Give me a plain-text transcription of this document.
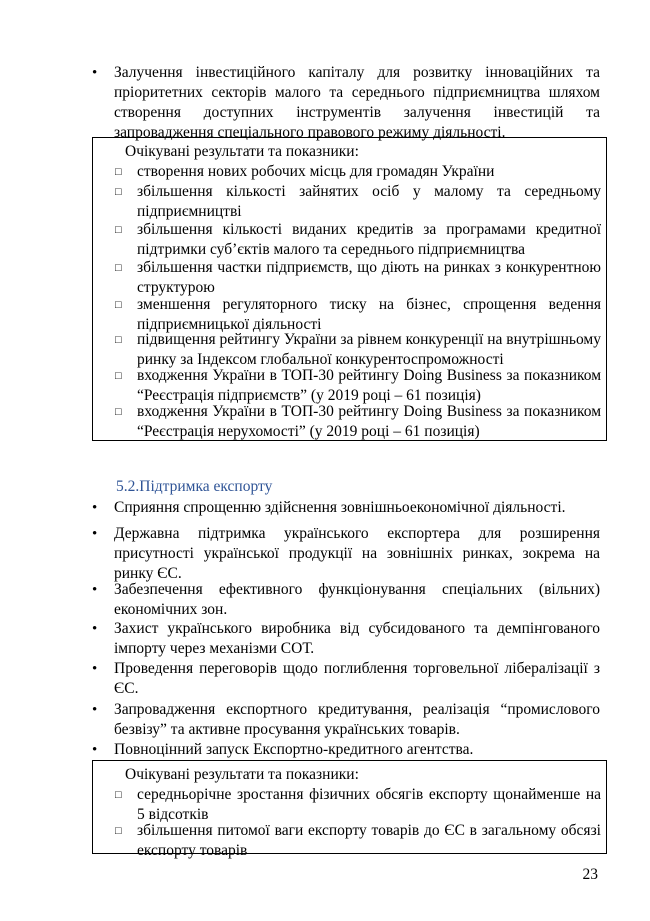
•	Залучення інвестиційного капіталу для розвитку інноваційних та пріоритетних секторів малого та середнього підприємництва шляхом створення доступних інструментів залучення інвестицій та запровадження спеціального правового режиму діяльності.
Очікувані результати та показники:
□ створення нових робочих місць для громадян України
□ збільшення кількості зайнятих осіб у малому та середньому підприємництві
□ збільшення кількості виданих кредитів за програмами кредитної підтримки суб’єктів малого та середнього підприємництва
□ збільшення частки підприємств, що діють на ринках з конкурентною структурою
□ зменшення регуляторного тиску на бізнес, спрощення ведення підприємницької діяльності
□ підвищення рейтингу України за рівнем конкуренції на внутрішньому ринку за Індексом глобальної конкурентоспроможності
□ входження України в ТОП-30 рейтингу Doing Business за показником “Реєстрація підприємств” (у 2019 році – 61 позиція)
□ входження України в ТОП-30 рейтингу Doing Business за показником “Реєстрація нерухомості” (у 2019 році – 61 позиція)
5.2.Підтримка експорту
•	Сприяння спрощенню здійснення зовнішньоекономічної діяльності.
•	Державна підтримка українського експортера для розширення присутності української продукції на зовнішніх ринках, зокрема на ринку ЄС.
•	Забезпечення ефективного функціонування спеціальних (вільних) економічних зон.
•	Захист українського виробника від субсидованого та демпінгованого імпорту через механізми СОТ.
•	Проведення переговорів щодо поглиблення торговельної лібералізації з ЄС.
•	Запровадження експортного кредитування, реалізація “промислового безвізу” та активне просування українських товарів.
•	Повноцінний запуск Експортно-кредитного агентства.
Очікувані результати та показники:
□ середньорічне зростання фізичних обсягів експорту щонайменше на 5 відсотків
□ збільшення питомої ваги експорту товарів до ЄС в загальному обсязі експорту товарів
23
